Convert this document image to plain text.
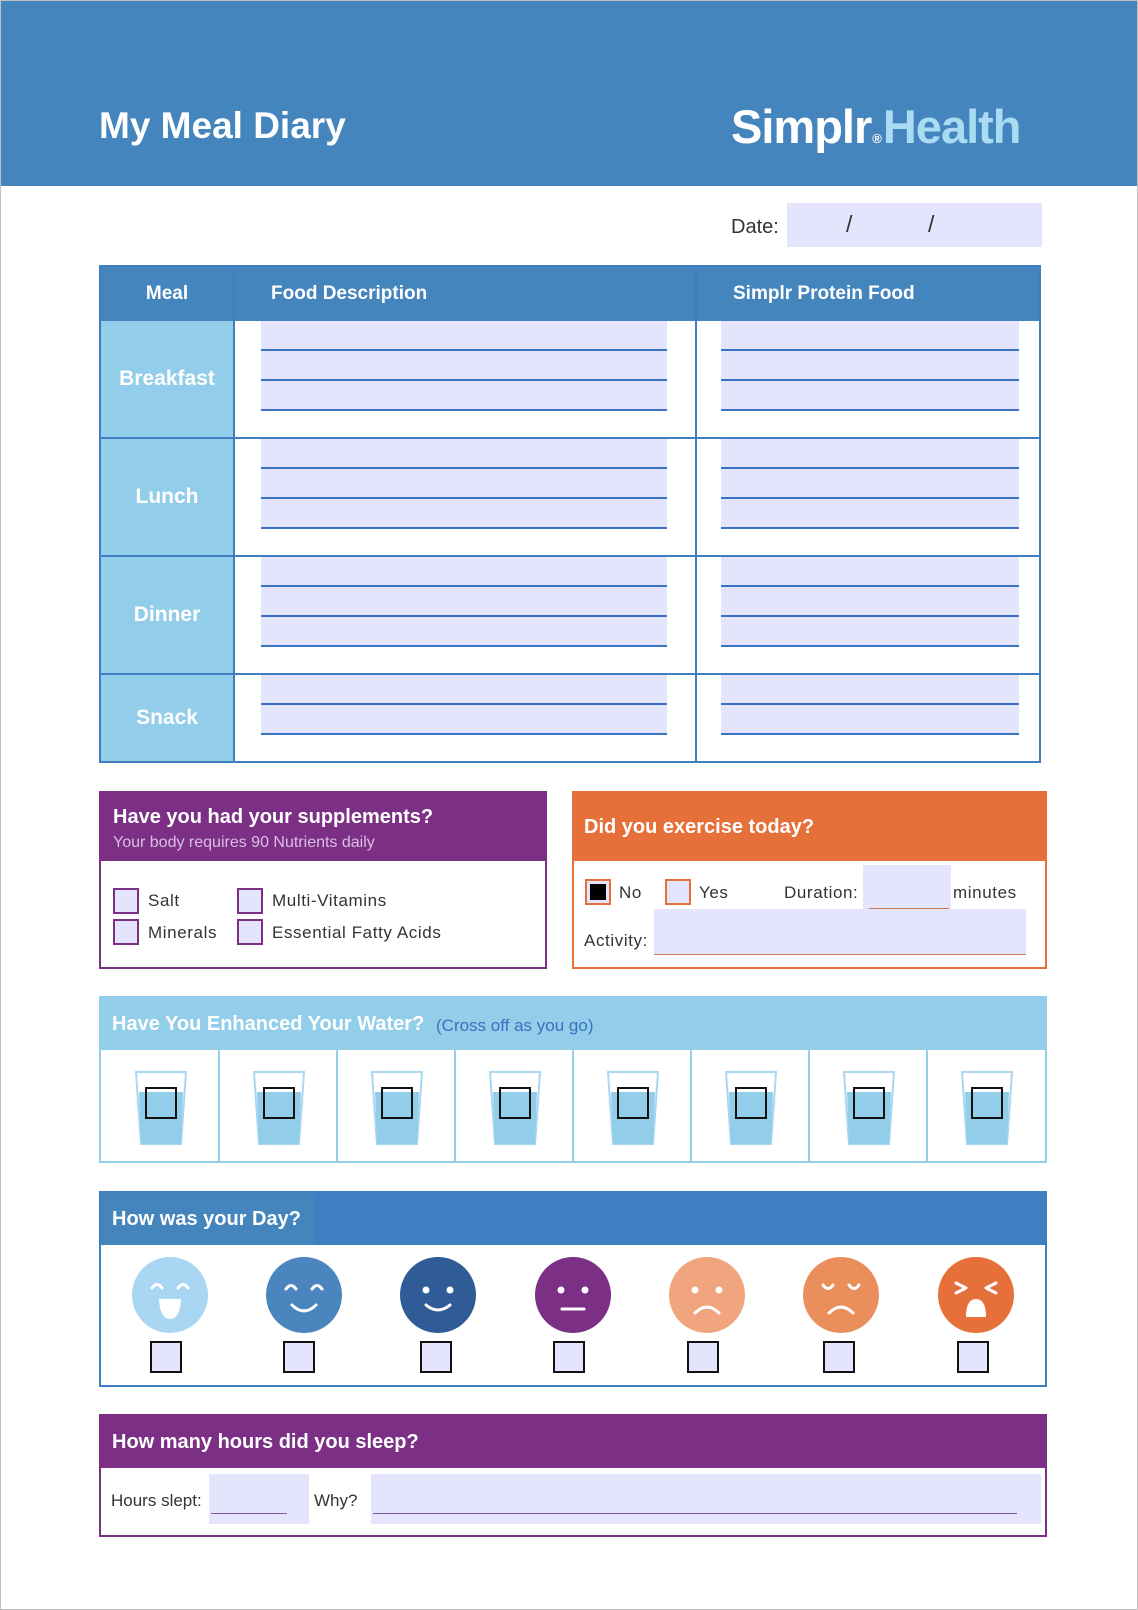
My Meal Diary	Simplr®Health
Date:	/	/
Meal	Food Description	Simplr Protein Food
Breakfast
Lunch
Dinner
Snack
Have you had your supplements?
Your body requires 90 Nutrients daily
Salt	Multi-Vitamins
Minerals	Essential Fatty Acids
Did you exercise today?
No	Yes	Duration:	minutes
Activity:
Have You Enhanced Your Water? (Cross off as you go)
How was your Day?
How many hours did you sleep?
Hours slept:	Why?
